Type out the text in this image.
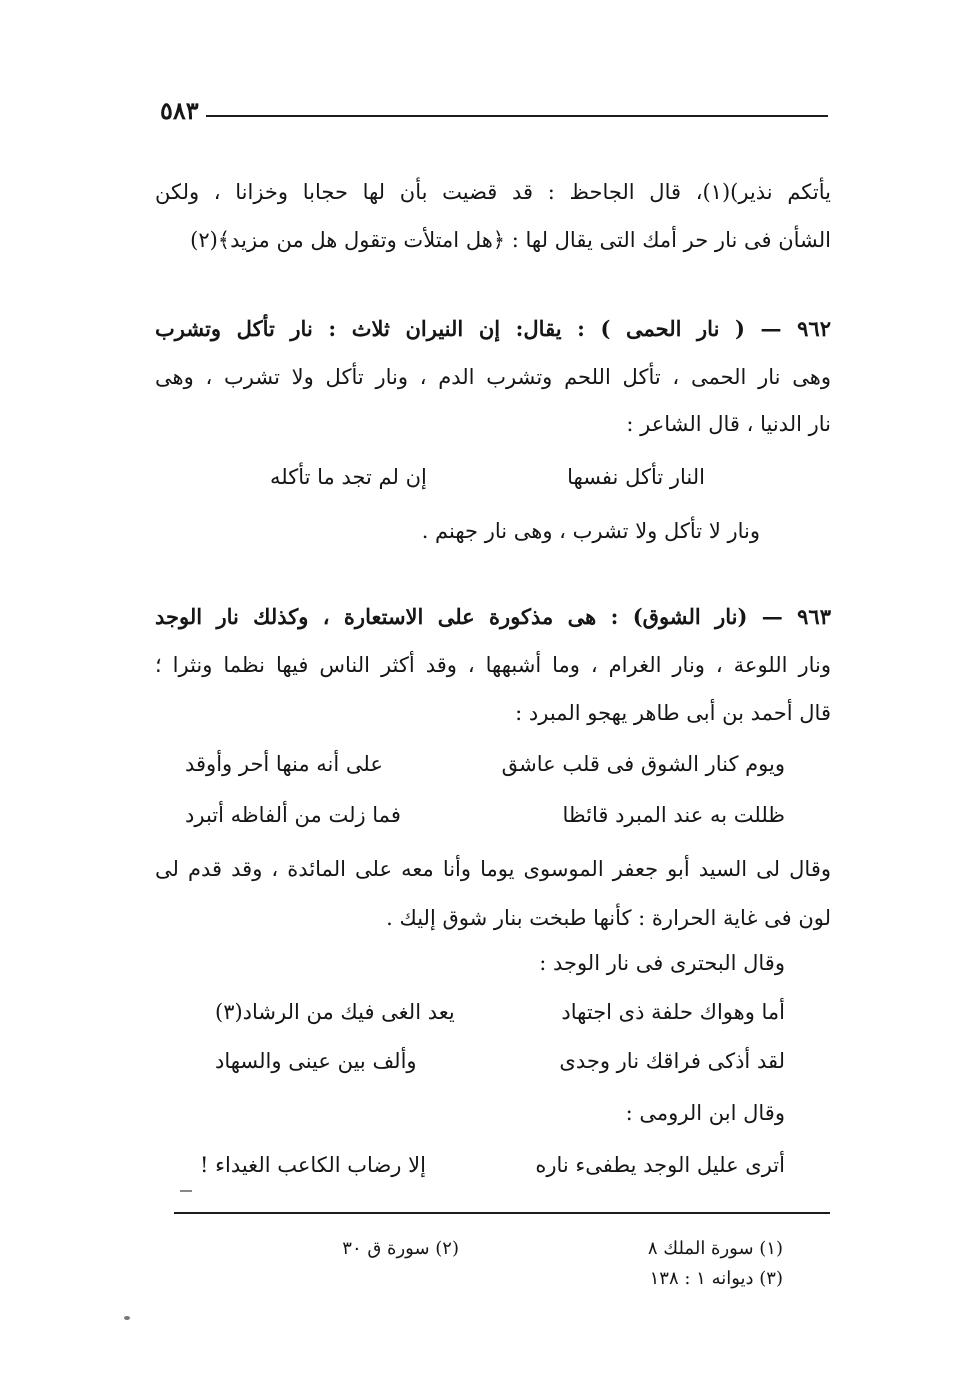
٥٨٣
يأتكم نذير)(١)، قال الجاحظ : قد قضيت بأن لها حجابا وخزانا ، ولكن
الشأن فى نار حر أمك التى يقال لها : ﴿هل امتلأت وتقول هل من مزيد﴾(٢)
٩٦٢ — ( نار الحمى ) : يقال: إن النيران ثلاث : نار تأكل وتشرب
وهى نار الحمى ، تأكل اللحم وتشرب الدم ، ونار تأكل ولا تشرب ، وهى
نار الدنيا ، قال الشاعر :
النار تأكل نفسها
إن لم تجد ما تأكله
ونار لا تأكل ولا تشرب ، وهى نار جهنم .
٩٦٣ — (نار الشوق) : هى مذكورة على الاستعارة ، وكذلك نار الوجد
ونار اللوعة ، ونار الغرام ، وما أشبهها ، وقد أكثر الناس فيها نظما ونثرا ؛
قال أحمد بن أبى طاهر يهجو المبرد :
ويوم كنار الشوق فى قلب عاشق
على أنه منها أحر وأوقد
ظللت به عند المبرد قائظا
فما زلت من ألفاظه أتبرد
وقال لى السيد أبو جعفر الموسوى يوما وأنا معه على المائدة ، وقد قدم لى
لون فى غاية الحرارة : كأنها طبخت بنار شوق إليك .
وقال البحترى فى نار الوجد :
أما وهواك حلفة ذى اجتهاد
يعد الغى فيك من الرشاد(٣)
لقد أذكى فراقك نار وجدى
وألف بين عينى والسهاد
وقال ابن الرومى :
أترى عليل الوجد يطفىء ناره
إلا رضاب الكاعب الغيداء !
(١) سورة الملك ٨
(٢) سورة ق ٣٠
(٣) ديوانه ١ : ١٣٨
